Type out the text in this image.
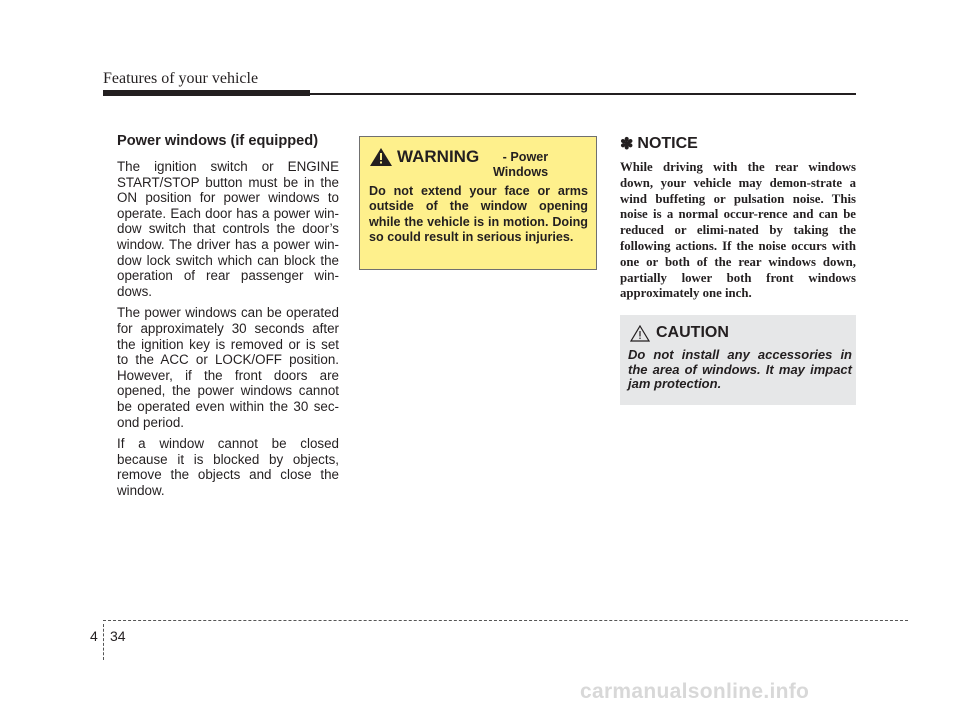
Features of your vehicle
Power windows (if equipped)

The ignition switch or ENGINE START/STOP button must be in the ON position for power windows to operate. Each door has a power win-dow switch that controls the door’s window. The driver has a power win-dow lock switch which can block the operation of rear passenger win-dows.

The power windows can be operated for approximately 30 seconds after the ignition key is removed or is set to the ACC or LOCK/OFF position. However, if the front doors are opened, the power windows cannot be operated even within the 30 sec-ond period.

If a window cannot be closed because it is blocked by objects, remove the objects and close the window.

WARNING	- Power Windows
Do not extend your face or arms outside of the window opening while the vehicle is in motion. Doing so could result in serious injuries.
✽ NOTICE
While driving with the rear windows down, your vehicle may demon-strate a wind buffeting or pulsation noise. This noise is a normal occur-rence and can be reduced or elimi-nated by taking the following actions. If the noise occurs with one or both of the rear windows down, partially lower both front windows approximately one inch.
CAUTION
Do not install any accessories in the area of windows. It may impact jam protection.
4 34
carmanualsonline.info
